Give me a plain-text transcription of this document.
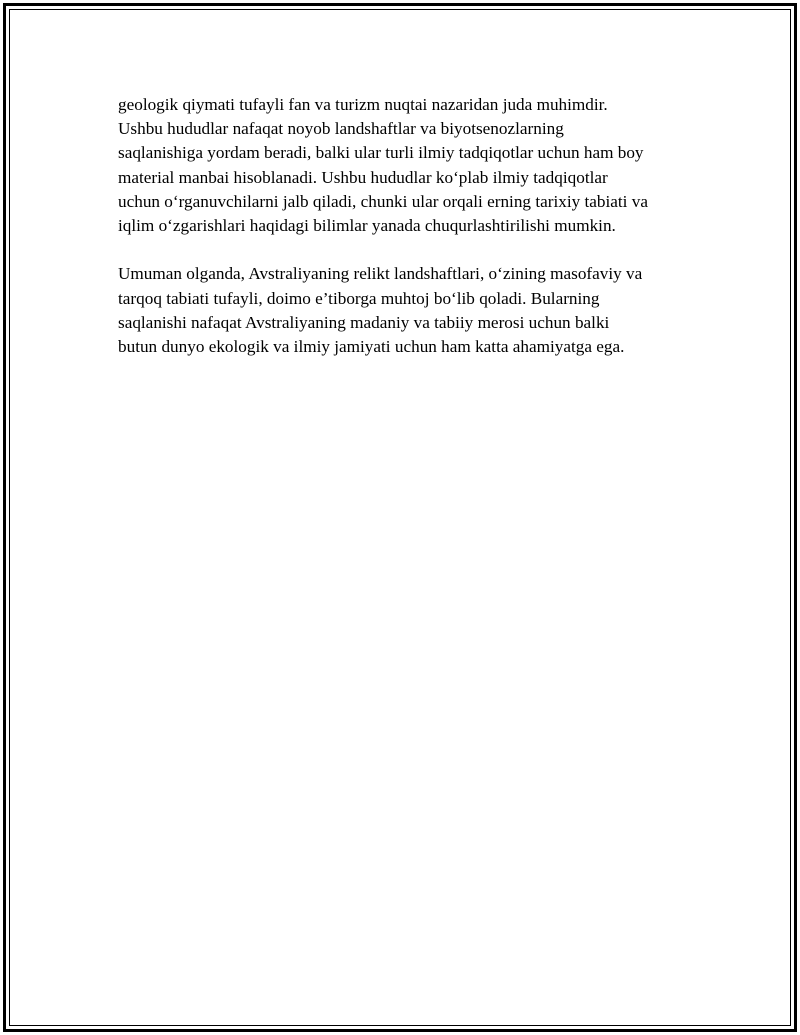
geologik qiymati tufayli fan va turizm nuqtai nazaridan juda muhimdir.
Ushbu hududlar nafaqat noyob landshaftlar va biyotsenozlarning
saqlanishiga yordam beradi, balki ular turli ilmiy tadqiqotlar uchun ham boy
material manbai hisoblanadi. Ushbu hududlar ko‘plab ilmiy tadqiqotlar
uchun o‘rganuvchilarni jalb qiladi, chunki ular orqali erning tarixiy tabiati va
iqlim o‘zgarishlari haqidagi bilimlar yanada chuqurlashtirilishi mumkin.

Umuman olganda, Avstraliyaning relikt landshaftlari, o‘zining masofaviy va
tarqoq tabiati tufayli, doimo e’tiborga muhtoj bo‘lib qoladi. Bularning
saqlanishi nafaqat Avstraliyaning madaniy va tabiiy merosi uchun balki
butun dunyo ekologik va ilmiy jamiyati uchun ham katta ahamiyatga ega.
